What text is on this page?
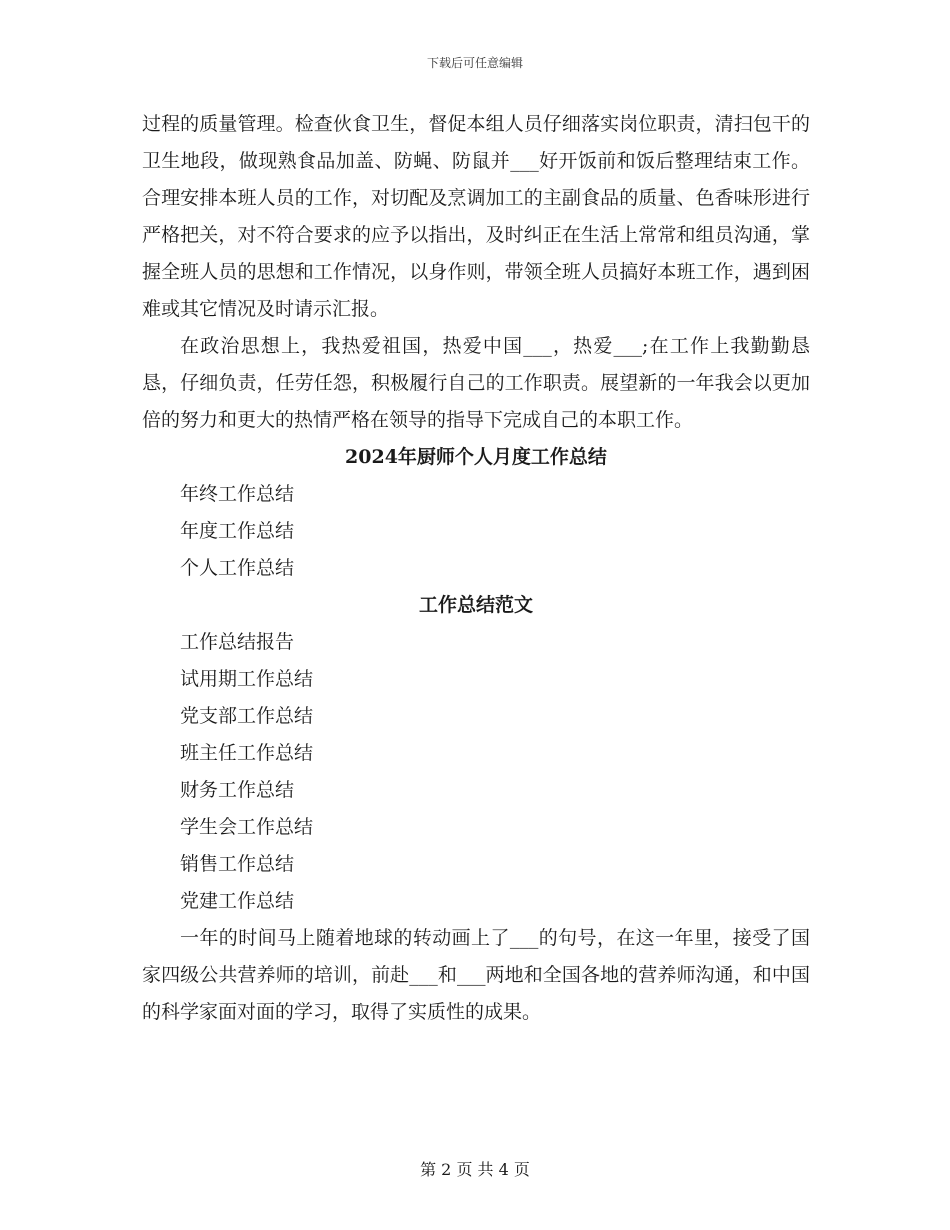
下载后可任意编辑

过程的质量管理。检查伙食卫生，督促本组人员仔细落实岗位职责，清扫包干的卫生地段，做现熟食品加盖、防蝇、防鼠并___好开饭前和饭后整理结束工作。合理安排本班人员的工作，对切配及烹调加工的主副食品的质量、色香味形进行严格把关，对不符合要求的应予以指出，及时纠正在生活上常常和组员沟通，掌握全班人员的思想和工作情况，以身作则，带领全班人员搞好本班工作，遇到困难或其它情况及时请示汇报。

在政治思想上，我热爱祖国，热爱中国___，热爱___;在工作上我勤勤恳恳，仔细负责，任劳任怨，积极履行自己的工作职责。展望新的一年我会以更加倍的努力和更大的热情严格在领导的指导下完成自己的本职工作。

2024年厨师个人月度工作总结

年终工作总结

年度工作总结

个人工作总结

工作总结范文

工作总结报告

试用期工作总结

党支部工作总结

班主任工作总结

财务工作总结

学生会工作总结

销售工作总结

党建工作总结

一年的时间马上随着地球的转动画上了___的句号，在这一年里，接受了国家四级公共营养师的培训，前赴___和___两地和全国各地的营养师沟通，和中国的科学家面对面的学习，取得了实质性的成果。

第 2 页 共 4 页
